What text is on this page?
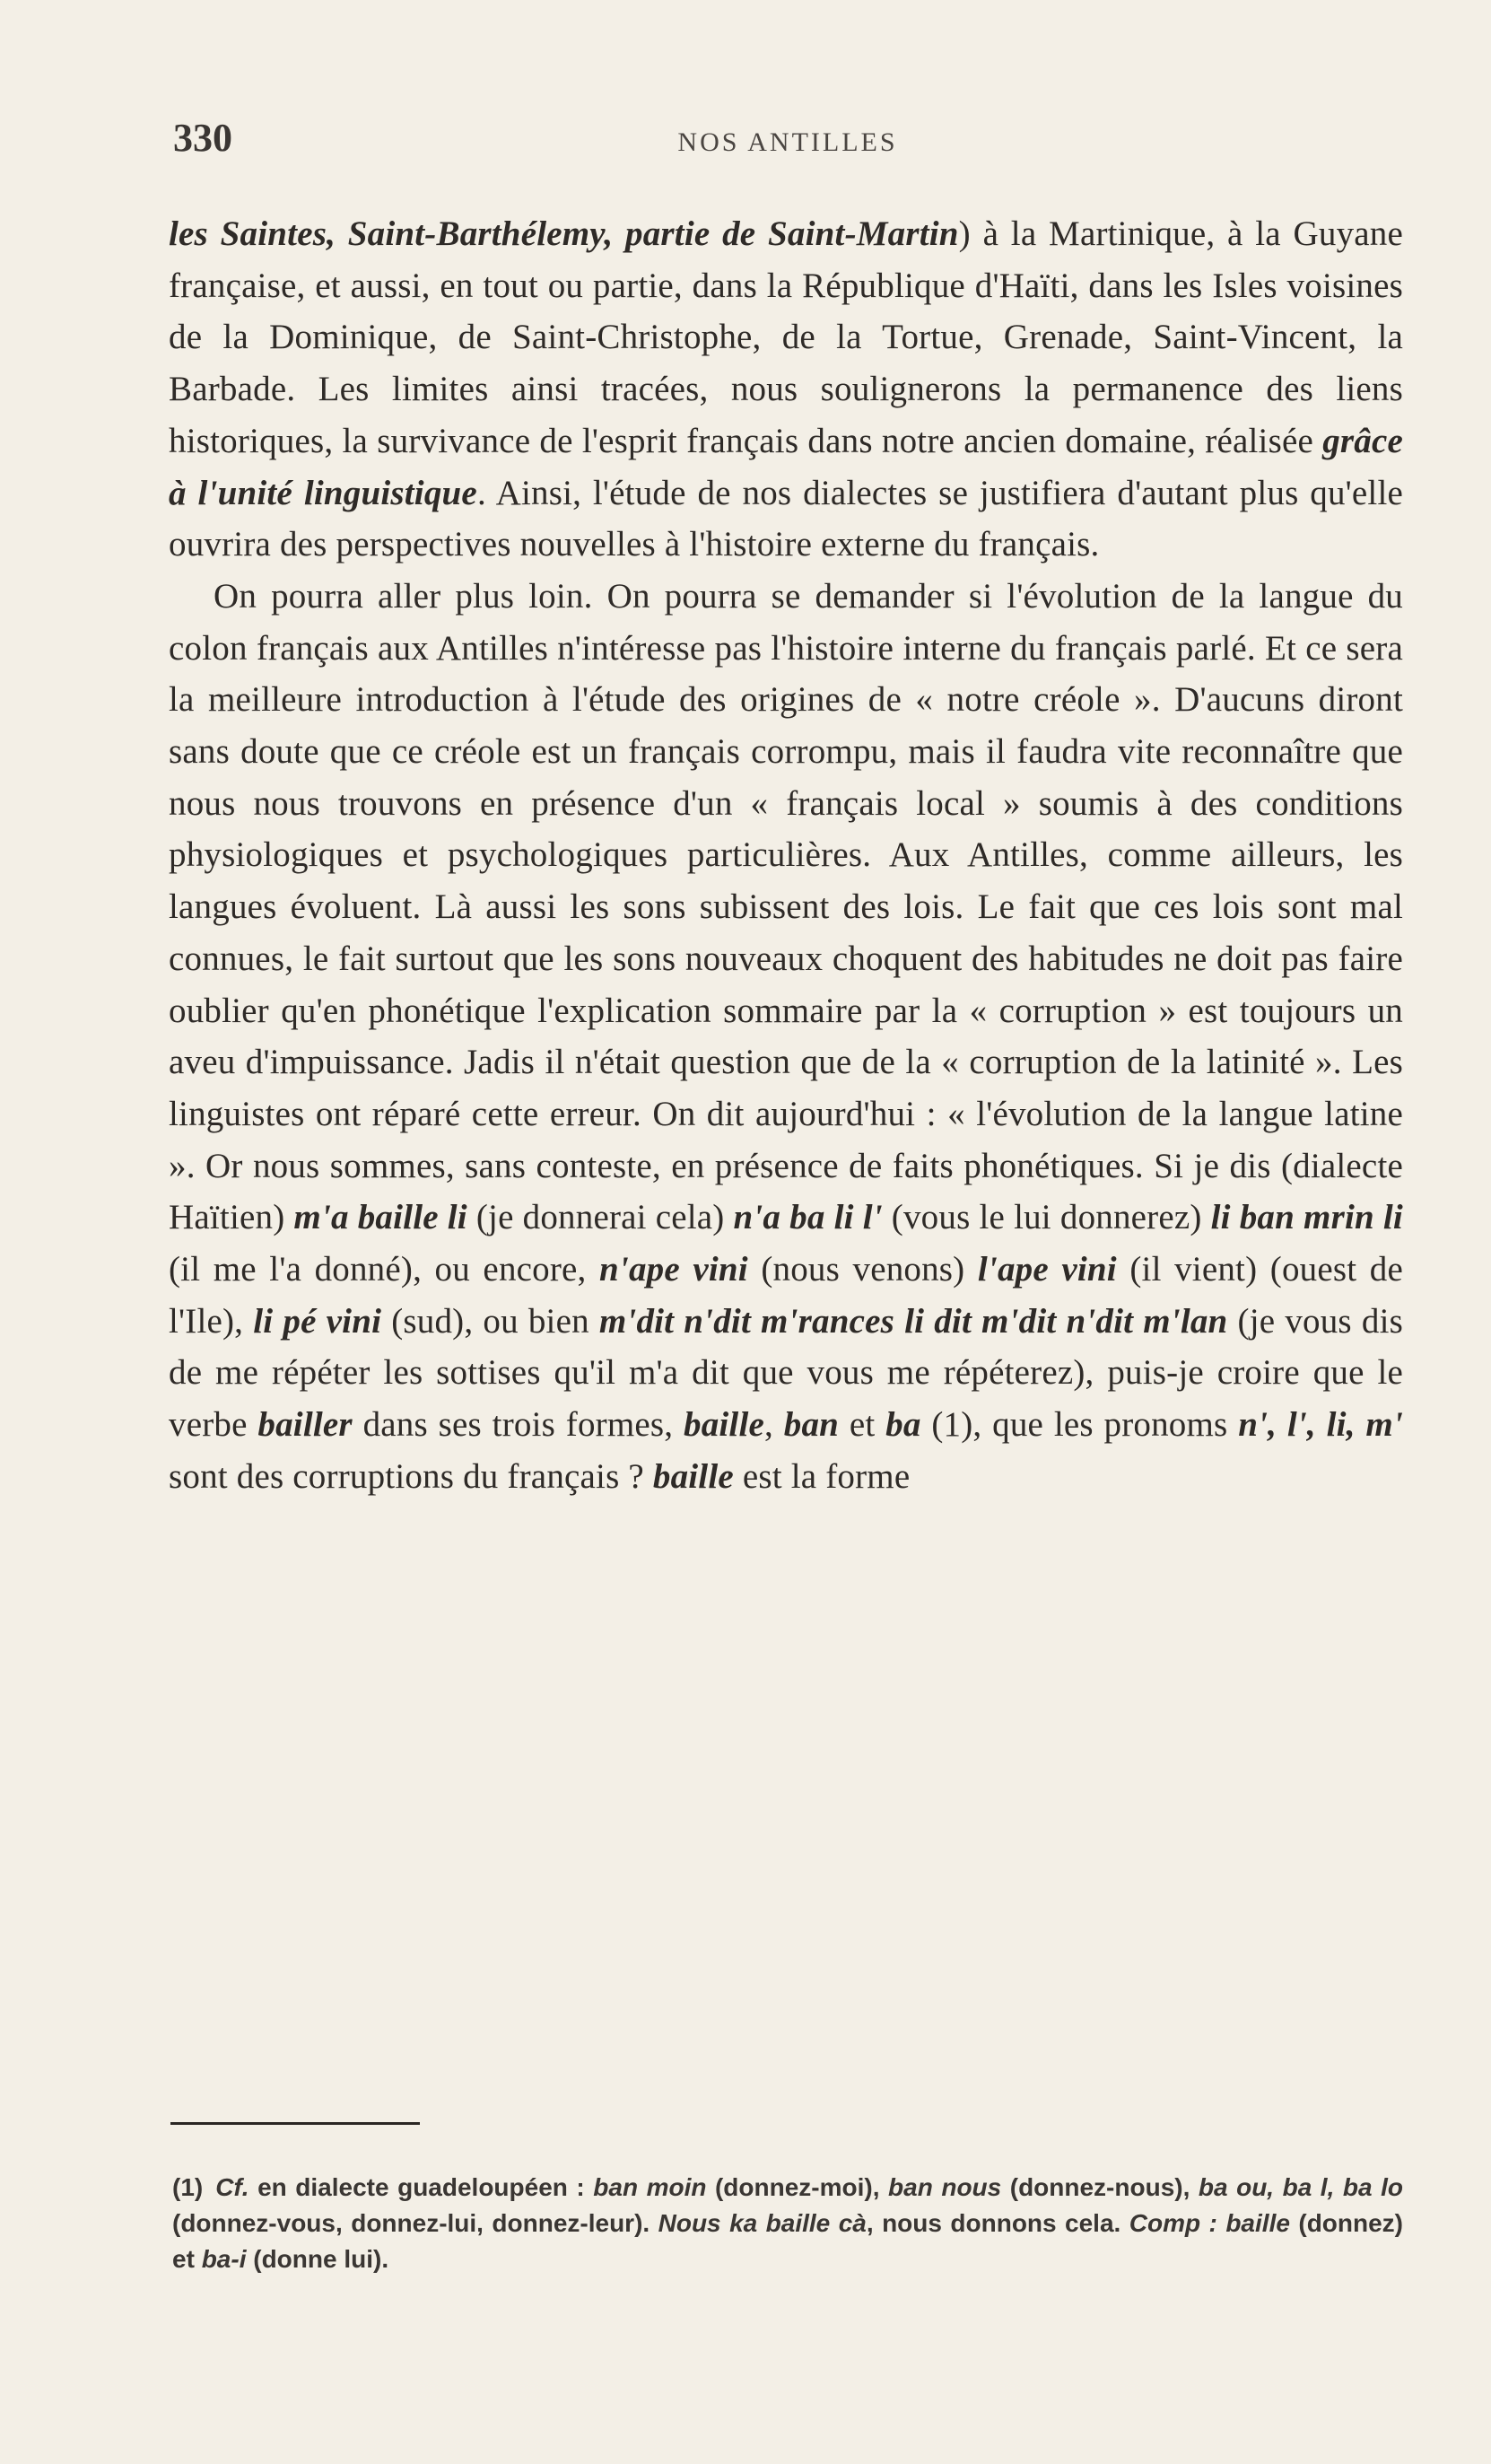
330	NOS ANTILLES

les Saintes, Saint-Barthélemy, partie de Saint-Martin) à la Martinique, à la Guyane française, et aussi, en tout ou partie, dans la République d'Haïti, dans les Isles voisines de la Dominique, de Saint-Christophe, de la Tortue, Grenade, Saint-Vincent, la Barbade. Les limites ainsi tracées, nous soulignerons la permanence des liens historiques, la survivance de l'esprit français dans notre ancien domaine, réalisée grâce à l'unité linguistique. Ainsi, l'étude de nos dialectes se justifiera d'autant plus qu'elle ouvrira des perspectives nouvelles à l'histoire externe du français.

On pourra aller plus loin. On pourra se demander si l'évolution de la langue du colon français aux Antilles n'intéresse pas l'histoire interne du français parlé. Et ce sera la meilleure introduction à l'étude des origines de « notre créole ». D'aucuns diront sans doute que ce créole est un français corrompu, mais il faudra vite reconnaître que nous nous trouvons en présence d'un « français local » soumis à des conditions physiologiques et psychologiques particulières. Aux Antilles, comme ailleurs, les langues évoluent. Là aussi les sons subissent des lois. Le fait que ces lois sont mal connues, le fait surtout que les sons nouveaux choquent des habitudes ne doit pas faire oublier qu'en phonétique l'explication sommaire par la « corruption » est toujours un aveu d'impuissance. Jadis il n'était question que de la « corruption de la latinité ». Les linguistes ont réparé cette erreur. On dit aujourd'hui : « l'évolution de la langue latine ». Or nous sommes, sans conteste, en présence de faits phonétiques. Si je dis (dialecte Haïtien) m'a baille li (je donnerai cela) n'a ba li l' (vous le lui donnerez) li ban mrin li (il me l'a donné), ou encore, n'ape vini (nous venons) l'ape vini (il vient) (ouest de l'Ile), li pé vini (sud), ou bien m'dit n'dit m'rances li dit m'dit n'dit m'lan (je vous dis de me répéter les sottises qu'il m'a dit que vous me répéterez), puis-je croire que le verbe bailler dans ses trois formes, baille, ban et ba (1), que les pronoms n', l', li, m' sont des corruptions du français ? baille est la forme

(1) Cf. en dialecte guadeloupéen : ban moin (donnez-moi), ban nous (donnez-nous), ba ou, ba l, ba lo (donnez-vous, donnez-lui, donnez-leur). Nous ka baille cà, nous donnons cela. Comp : baille (donnez) et ba-i (donne lui).
